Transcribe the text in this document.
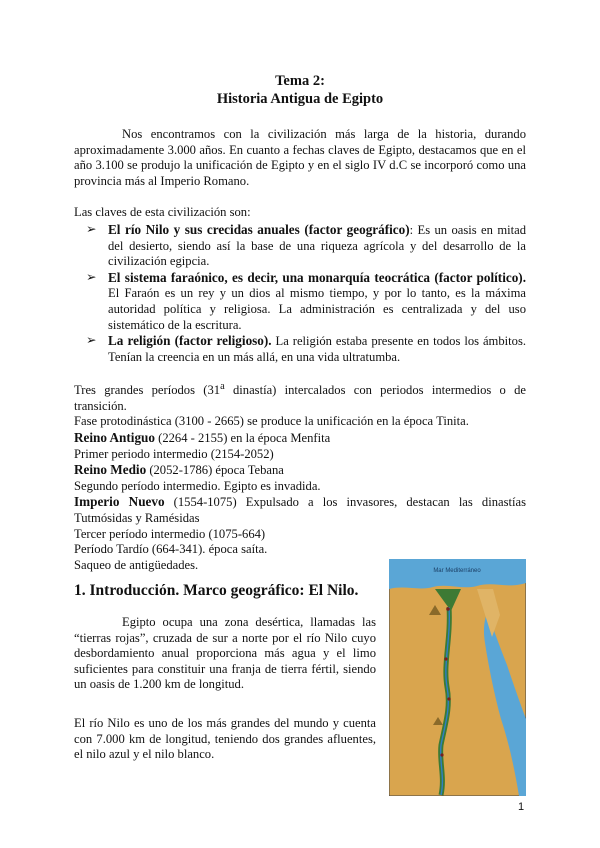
Tema 2:
Historia Antigua de Egipto
Nos encontramos con la civilización más larga de la historia, durando aproximadamente 3.000 años. En cuanto a fechas claves de Egipto, destacamos que en el año 3.100 se produjo la unificación de Egipto y en el siglo IV d.C se incorporó como una provincia más al Imperio Romano.
Las claves de esta civilización son:
➢ El río Nilo y sus crecidas anuales (factor geográfico): Es un oasis en mitad del desierto, siendo así la base de una riqueza agrícola y del desarrollo de la civilización egipcia.
➢ El sistema faraónico, es decir, una monarquía teocrática (factor político). El Faraón es un rey y un dios al mismo tiempo, y por lo tanto, es la máxima autoridad política y religiosa. La administración es centralizada y del uso sistemático de la escritura.
➢ La religión (factor religioso). La religión estaba presente en todos los ámbitos. Tenían la creencia en un más allá, en una vida ultratumba.

Tres grandes períodos (31$^a$ dinastía) intercalados con periodos intermedios o de transición.

Fase protodinástica (3100 - 2665) se produce la unificación en la época Tinita.

Reino Antiguo (2264 - 2155) en la época Menfita

Primer periodo intermedio (2154-2052)

Reino Medio (2052-1786) época Tebana

Segundo período intermedio. Egipto es invadida.

Imperio Nuevo (1554-1075) Expulsado a los invasores, destacan las dinastías Tutmósidas y Ramésidas

Tercer período intermedio (1075-664)

Período Tardío (664-341). época saíta.

Saqueo de antigüedades.

1. Introducción. Marco geográfico: El Nilo.
Egipto ocupa una zona desértica, llamadas las “tierras rojas”, cruzada de sur a norte por el río Nilo cuyo desbordamiento anual proporciona más agua y el limo suficientes para constituir una franja de tierra fértil, siendo un oasis de 1.200 km de longitud.
El río Nilo es uno de los más grandes del mundo y cuenta con 7.000 km de longitud, teniendo dos grandes afluentes, el nilo azul y el nilo blanco.
Mar Mediterráneo
1
